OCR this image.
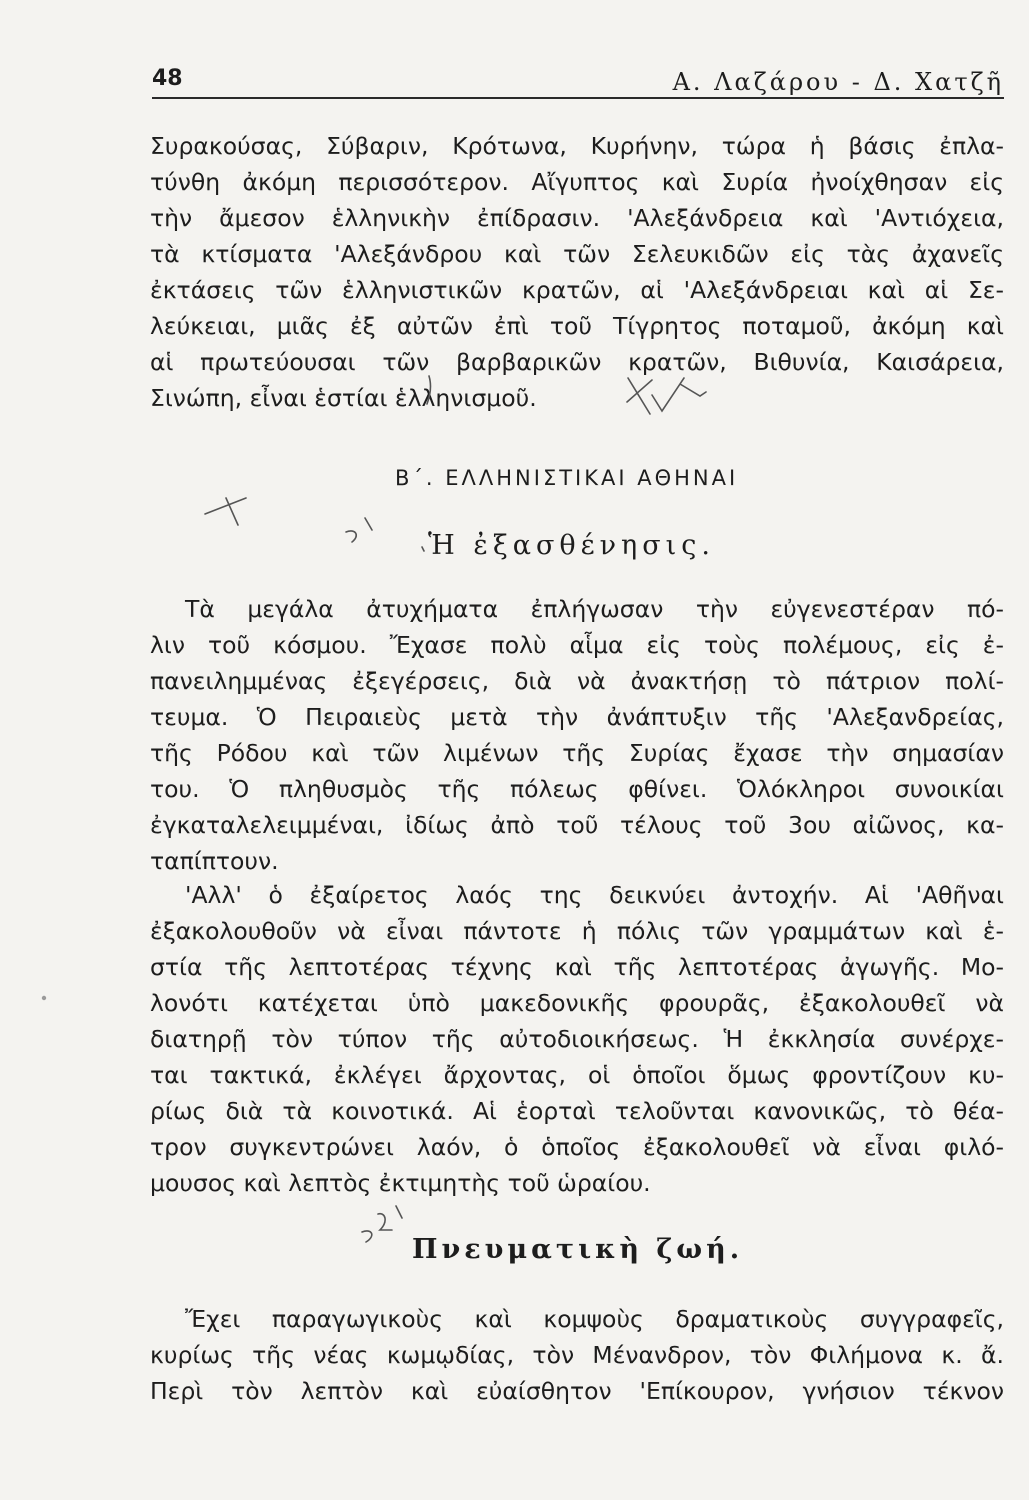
48	Α. Λαζάρου - Δ. Χατζῆ
Συρακούσας, Σύβαριν, Κρότωνα, Κυρήνην, τώρα ἡ βάσις ἐπλα-
τύνθη ἀκόμη περισσότερον. Αἴγυπτος καὶ Συρία ἠνοίχθησαν εἰς
τὴν ἄμεσον ἑλληνικὴν ἐπίδρασιν. 'Αλεξάνδρεια καὶ 'Αντιόχεια,
τὰ κτίσματα 'Αλεξάνδρου καὶ τῶν Σελευκιδῶν εἰς τὰς ἀχανεῖς
ἐκτάσεις τῶν ἑλληνιστικῶν κρατῶν, αἱ 'Αλεξάνδρειαι καὶ αἱ Σε-
λεύκειαι, μιᾶς ἐξ αὐτῶν ἐπὶ τοῦ Τίγρητος ποταμοῦ, ἀκόμη καὶ
αἱ πρωτεύουσαι τῶν βαρβαρικῶν κρατῶν, Βιθυνία, Καισάρεια,
Σινώπη, εἶναι ἑστίαι ἑλληνισμοῦ.
Β΄. ΕΛΛΗΝΙΣΤΙΚΑΙ ΑΘΗΝΑΙ
Ἡ ἐξασθένησις.
Τὰ μεγάλα ἀτυχήματα ἐπλήγωσαν τὴν εὐγενεστέραν πό-
λιν τοῦ κόσμου. Ἔχασε πολὺ αἷμα εἰς τοὺς πολέμους, εἰς ἐ-
πανειλημμένας ἐξεγέρσεις, διὰ νὰ ἀνακτήσῃ τὸ πάτριον πολί-
τευμα. Ὁ Πειραιεὺς μετὰ τὴν ἀνάπτυξιν τῆς 'Αλεξανδρείας,
τῆς Ρόδου καὶ τῶν λιμένων τῆς Συρίας ἔχασε τὴν σημασίαν
του. Ὁ πληθυσμὸς τῆς πόλεως φθίνει. Ὁλόκληροι συνοικίαι
ἐγκαταλελειμμέναι, ἰδίως ἀπὸ τοῦ τέλους τοῦ 3ου αἰῶνος, κα-
ταπίπτουν.
'Αλλ' ὁ ἐξαίρετος λαός της δεικνύει ἀντοχήν. Αἱ 'Αθῆναι
ἐξακολουθοῦν νὰ εἶναι πάντοτε ἡ πόλις τῶν γραμμάτων καὶ ἑ-
στία τῆς λεπτοτέρας τέχνης καὶ τῆς λεπτοτέρας ἀγωγῆς. Μο-
λονότι κατέχεται ὑπὸ μακεδονικῆς φρουρᾶς, ἐξακολουθεῖ νὰ
διατηρῇ τὸν τύπον τῆς αὐτοδιοικήσεως. Ἡ ἐκκλησία συνέρχε-
ται τακτικά, ἐκλέγει ἄρχοντας, οἱ ὁποῖοι ὅμως φροντίζουν κυ-
ρίως διὰ τὰ κοινοτικά. Αἱ ἑορταὶ τελοῦνται κανονικῶς, τὸ θέα-
τρον συγκεντρώνει λαόν, ὁ ὁποῖος ἐξακολουθεῖ νὰ εἶναι φιλό-
μουσος καὶ λεπτὸς ἐκτιμητὴς τοῦ ὡραίου.
Πνευματικὴ ζωή.
Ἔχει παραγωγικοὺς καὶ κομψοὺς δραματικοὺς συγγραφεῖς,
κυρίως τῆς νέας κωμῳδίας, τὸν Μένανδρον, τὸν Φιλήμονα κ. ἄ.
Περὶ τὸν λεπτὸν καὶ εὐαίσθητον 'Επίκουρον, γνήσιον τέκνον
